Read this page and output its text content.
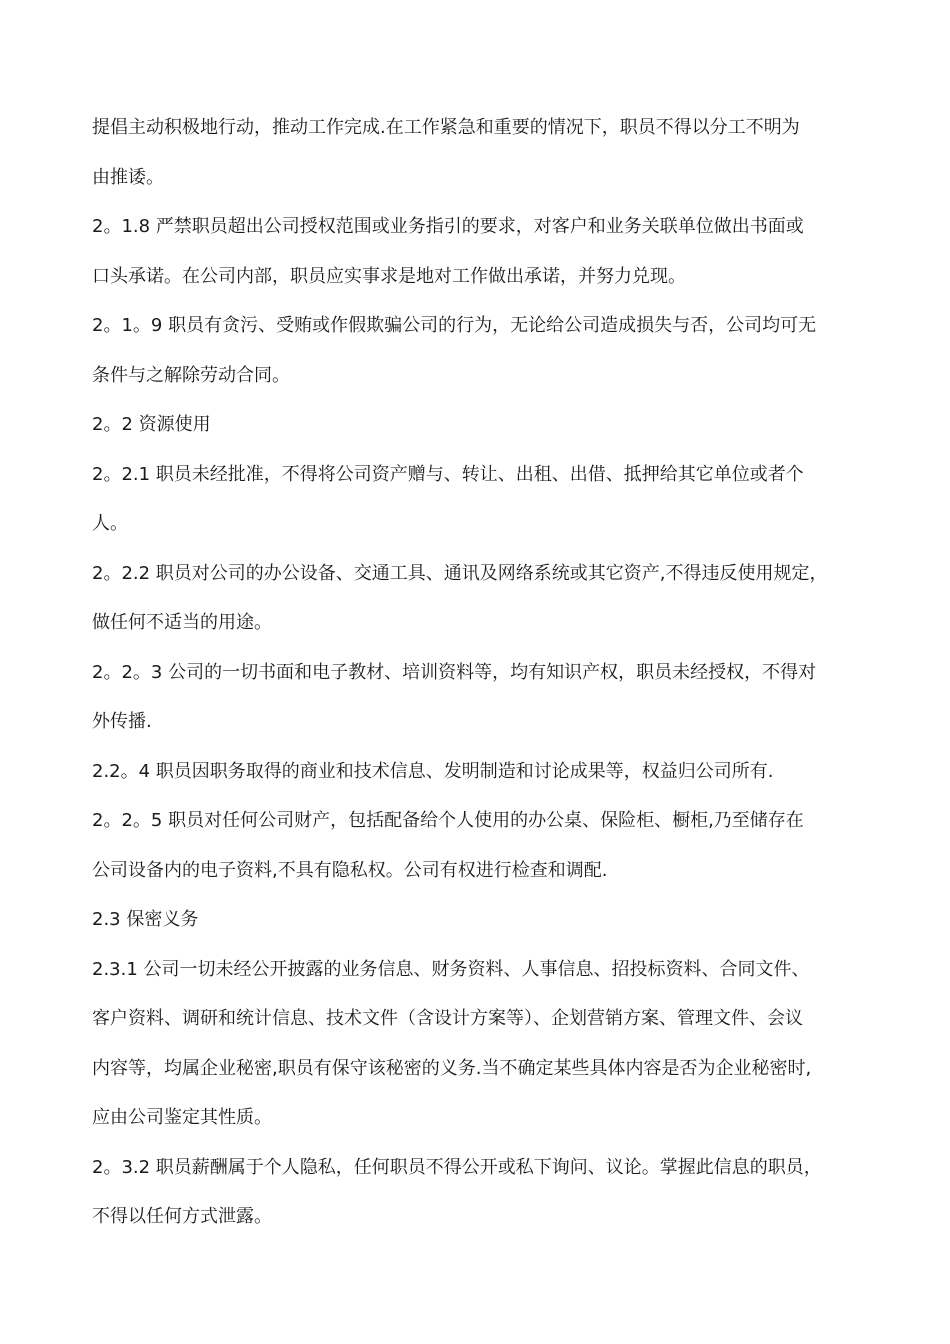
提倡主动积极地行动，推动工作完成.在工作紧急和重要的情况下，职员不得以分工不明为
由推诿。
2。1.8 严禁职员超出公司授权范围或业务指引的要求，对客户和业务关联单位做出书面或
口头承诺。在公司内部，职员应实事求是地对工作做出承诺，并努力兑现。
2。1。9 职员有贪污、受贿或作假欺骗公司的行为，无论给公司造成损失与否，公司均可无
条件与之解除劳动合同。
2。2 资源使用
2。2.1 职员未经批准，不得将公司资产赠与、转让、出租、出借、抵押给其它单位或者个
人。
2。2.2 职员对公司的办公设备、交通工具、通讯及网络系统或其它资产,不得违反使用规定，
做任何不适当的用途。
2。2。3 公司的一切书面和电子教材、培训资料等，均有知识产权，职员未经授权，不得对
外传播.
2.2。4 职员因职务取得的商业和技术信息、发明制造和讨论成果等，权益归公司所有.
2。2。5 职员对任何公司财产，包括配备给个人使用的办公桌、保险柜、橱柜,乃至储存在
公司设备内的电子资料,不具有隐私权。公司有权进行检查和调配.
2.3 保密义务
2.3.1 公司一切未经公开披露的业务信息、财务资料、人事信息、招投标资料、合同文件、
客户资料、调研和统计信息、技术文件（含设计方案等）、企划营销方案、管理文件、会议
内容等，均属企业秘密,职员有保守该秘密的义务.当不确定某些具体内容是否为企业秘密时,
应由公司鉴定其性质。
2。3.2 职员薪酬属于个人隐私，任何职员不得公开或私下询问、议论。掌握此信息的职员，
不得以任何方式泄露。
